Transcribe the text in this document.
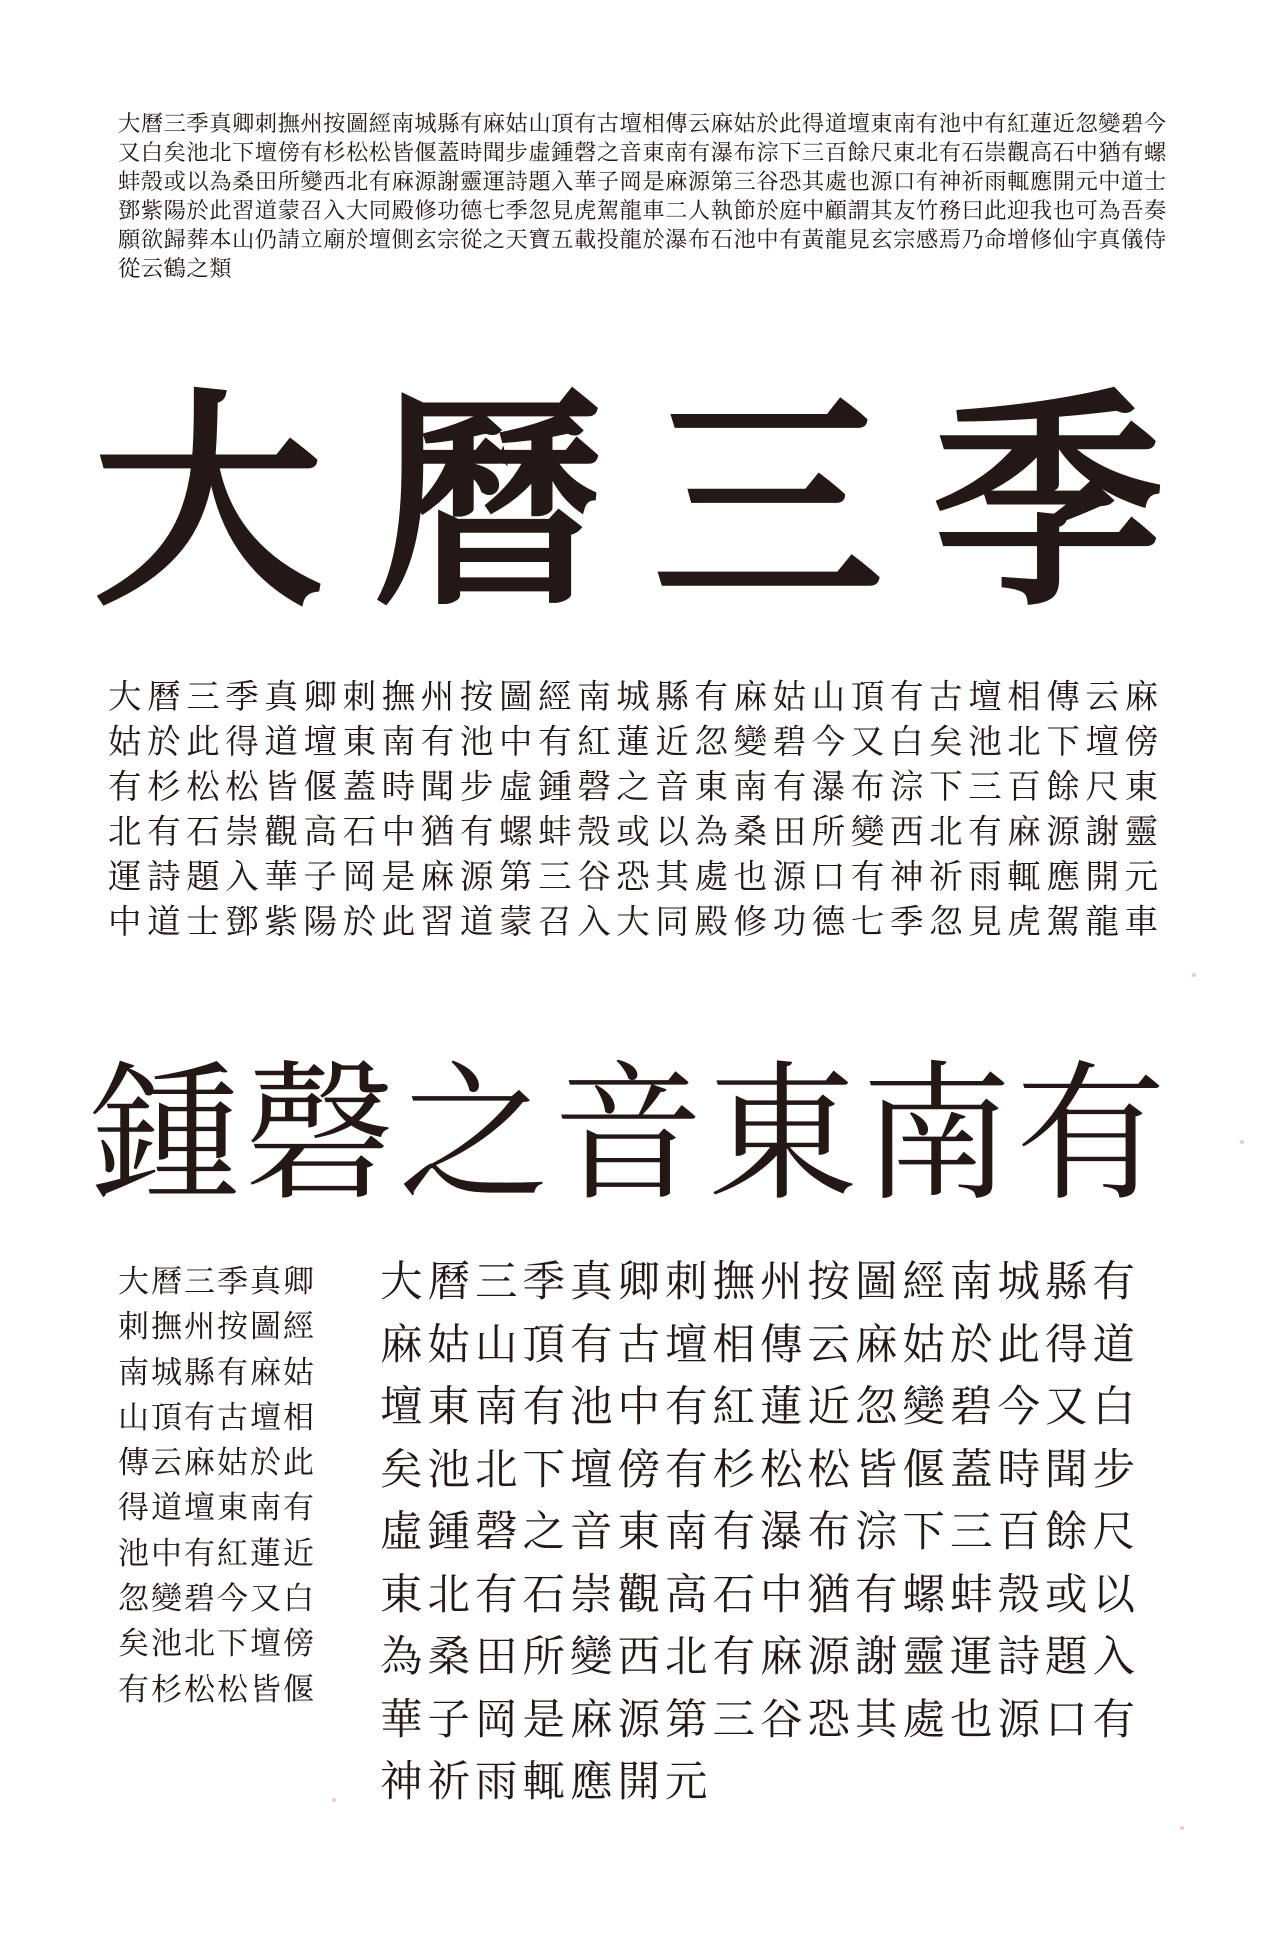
大曆三季真卿刺撫州按圖經南城縣有麻姑山頂有古壇相傳云麻姑於此得道壇東南有池中有紅蓮近忽變碧今又白矣池北下壇傍有杉松松皆偃蓋時聞步虛鍾磬之音東南有瀑布淙下三百餘尺東北有石崇觀高石中猶有螺蚌殼或以為桑田所變西北有麻源謝靈運詩題入華子岡是麻源第三谷恐其處也源口有神祈雨輒應開元中道士鄧紫陽於此習道蒙召入大同殿修功德七季忽見虎駕龍車二人執節於庭中顧謂其友竹務曰此迎我也可為吾奏願欲歸葬本山仍請立廟於壇側玄宗從之天寶五載投龍於瀑布石池中有黃龍見玄宗感焉乃命增修仙宇真儀侍從云鶴之類

大 曆 三 季

大曆三季真卿刺撫州按圖經南城縣有麻姑山頂有古壇相傳云麻姑於此得道壇東南有池中有紅蓮近忽變碧今又白矣池北下壇傍有杉松松皆偃蓋時聞步虛鍾磬之音東南有瀑布淙下三百餘尺東北有石崇觀高石中猶有螺蚌殼或以為桑田所變西北有麻源謝靈運詩題入華子岡是麻源第三谷恐其處也源口有神祈雨輒應開元中道士鄧紫陽於此習道蒙召入大同殿修功德七季忽見虎駕龍車

鍾 磬 之 音 東 南 有

大曆三季真卿刺撫州按圖經南城縣有麻姑山頂有古壇相傳云麻姑於此得道壇東南有池中有紅蓮近忽變碧今又白矣池北下壇傍有杉松松皆偃

大曆三季真卿刺撫州按圖經南城縣有麻姑山頂有古壇相傳云麻姑於此得道壇東南有池中有紅蓮近忽變碧今又白矣池北下壇傍有杉松松皆偃蓋時聞步虛鍾磬之音東南有瀑布淙下三百餘尺東北有石崇觀高石中猶有螺蚌殼或以為桑田所變西北有麻源謝靈運詩題入華子岡是麻源第三谷恐其處也源口有神祈雨輒應開元
